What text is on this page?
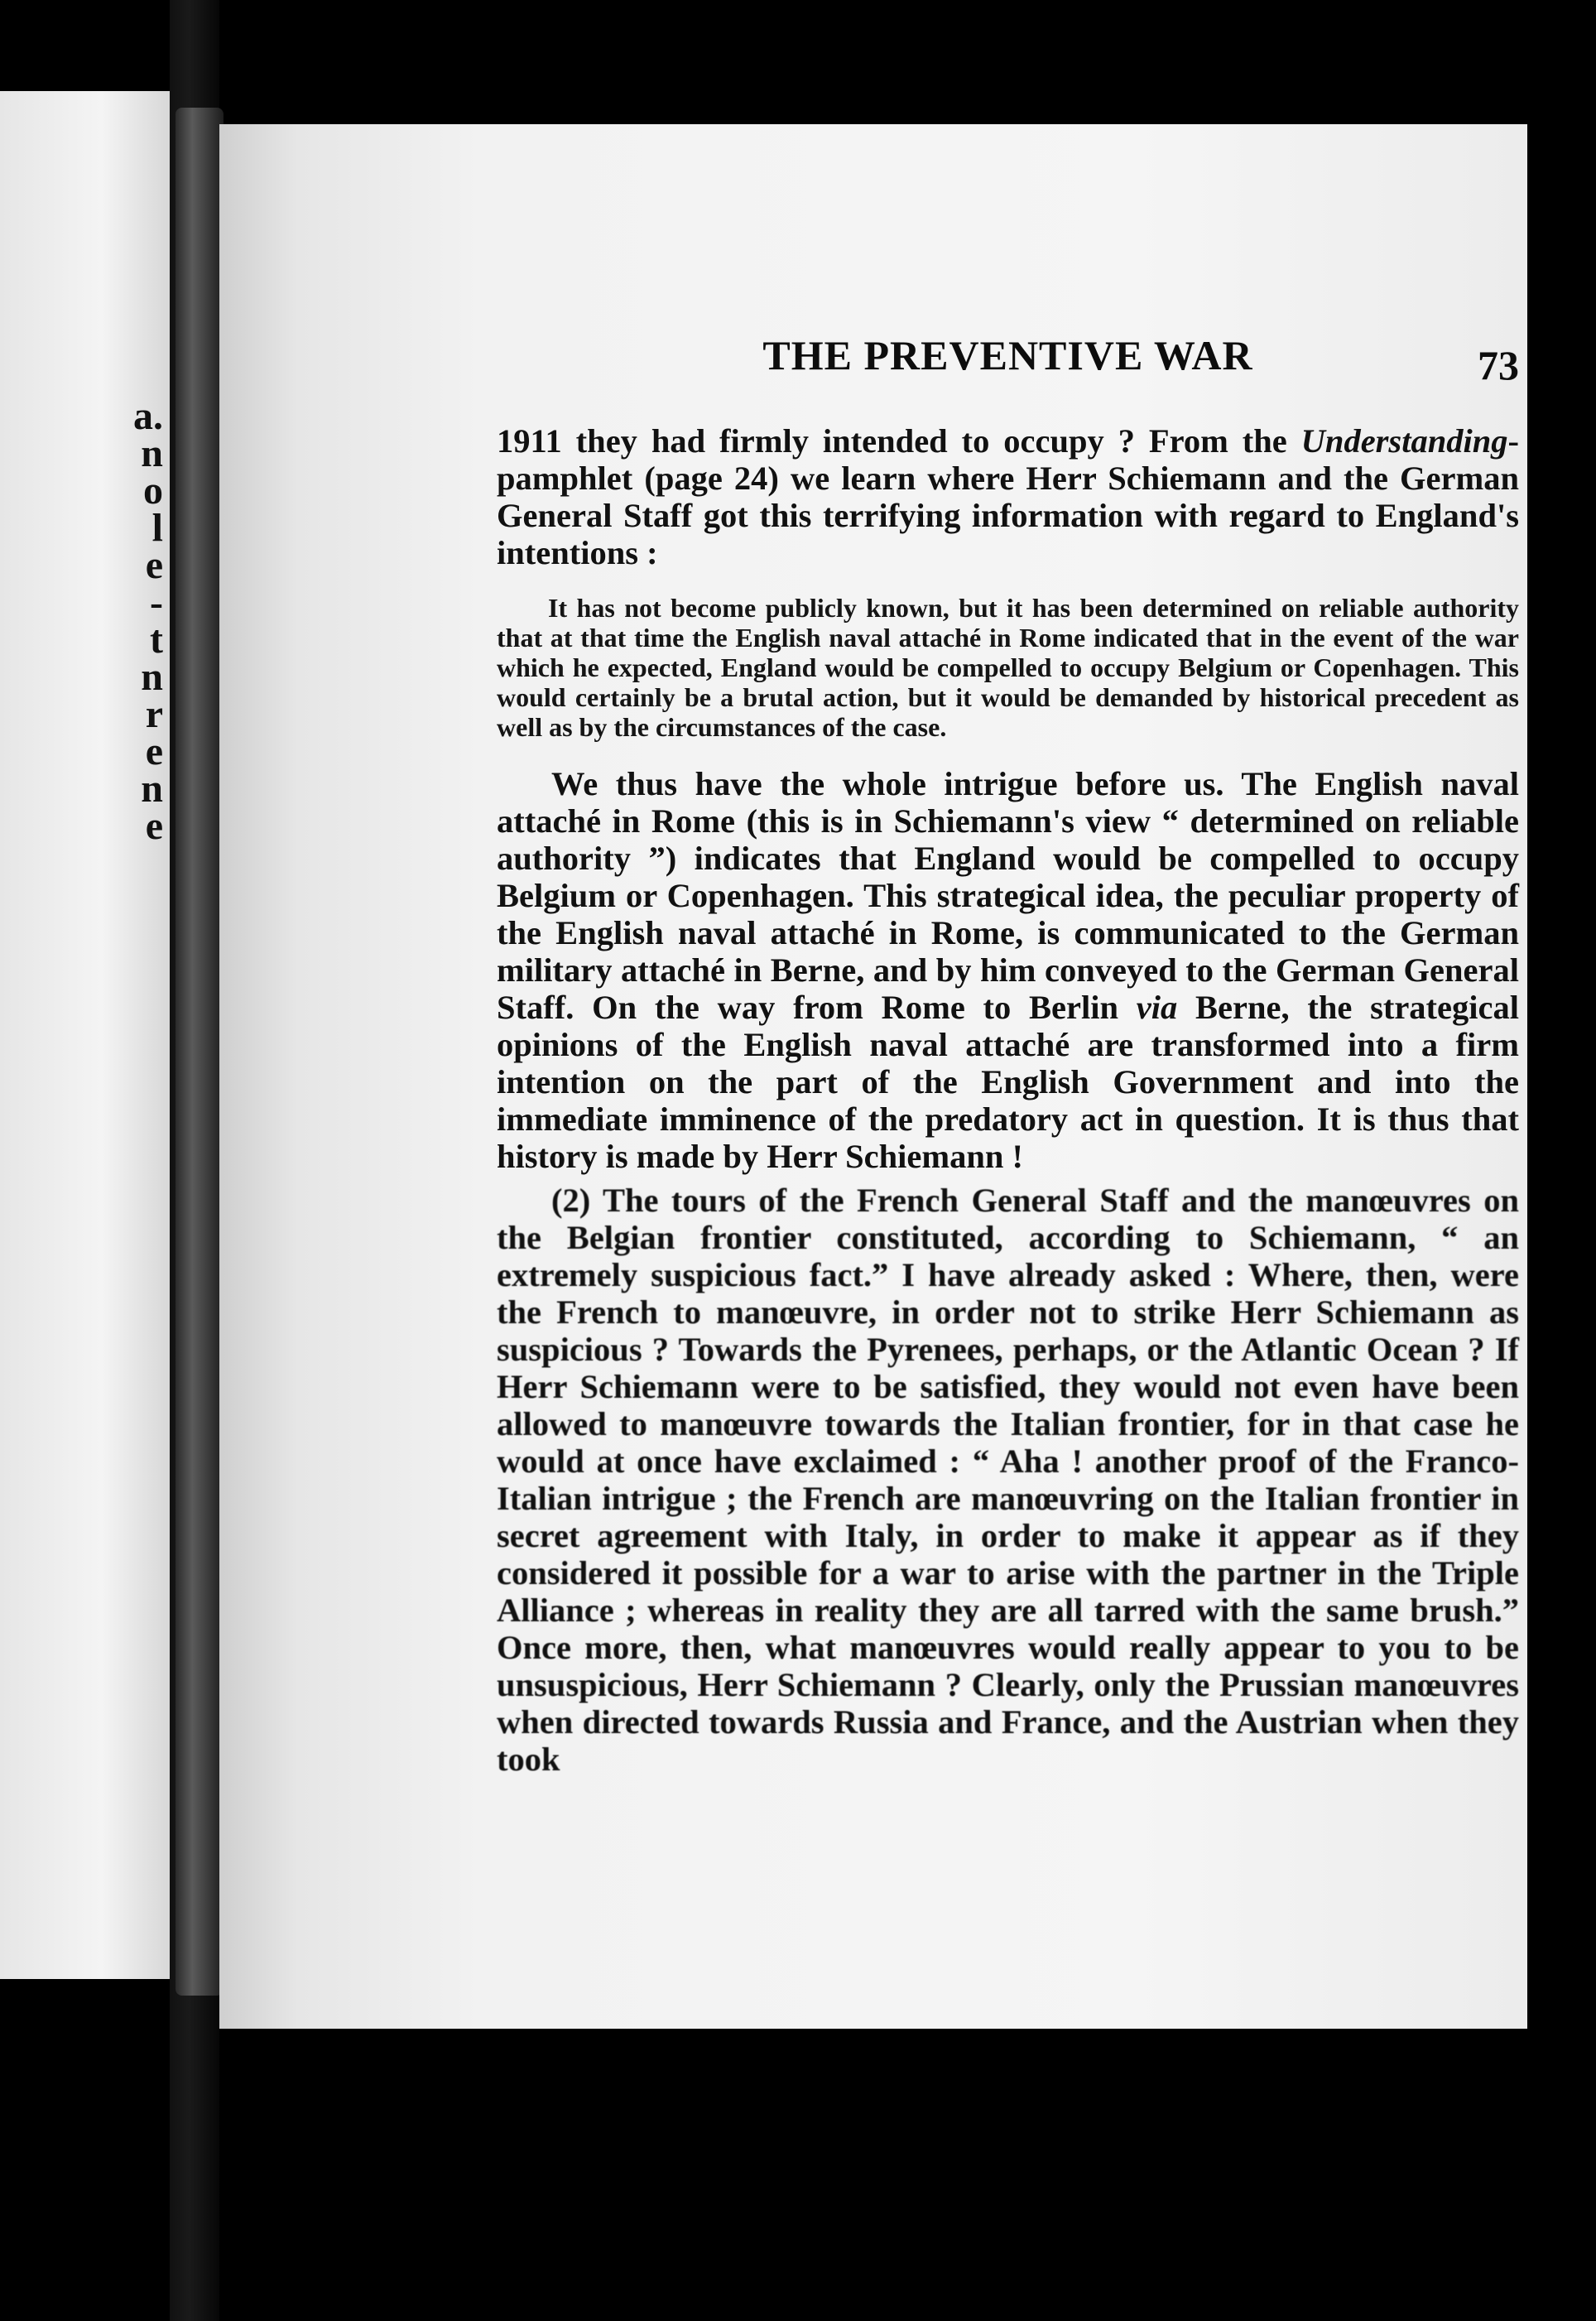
a.
n
o
l
e
-
t
n
r
e
n
e
THE PREVENTIVE WAR	73

1911 they had firmly intended to occupy ? From the Understanding-pamphlet (page 24) we learn where Herr Schiemann and the German General Staff got this terrifying information with regard to England's intentions :

It has not become publicly known, but it has been determined on reliable authority that at that time the English naval attaché in Rome indicated that in the event of the war which he expected, England would be compelled to occupy Belgium or Copenhagen. This would certainly be a brutal action, but it would be demanded by historical precedent as well as by the circumstances of the case.

We thus have the whole intrigue before us. The English naval attaché in Rome (this is in Schiemann's view “ determined on reliable authority ”) indicates that England would be compelled to occupy Belgium or Copenhagen. This strategical idea, the peculiar property of the English naval attaché in Rome, is communicated to the German military attaché in Berne, and by him conveyed to the German General Staff. On the way from Rome to Berlin via Berne, the strategical opinions of the English naval attaché are transformed into a firm intention on the part of the English Government and into the immediate imminence of the predatory act in question. It is thus that history is made by Herr Schiemann !

(2) The tours of the French General Staff and the manœuvres on the Belgian frontier constituted, according to Schiemann, “ an extremely suspicious fact.” I have already asked : Where, then, were the French to manœuvre, in order not to strike Herr Schiemann as suspicious ? Towards the Pyrenees, perhaps, or the Atlantic Ocean ? If Herr Schiemann were to be satisfied, they would not even have been allowed to manœuvre towards the Italian frontier, for in that case he would at once have exclaimed : “ Aha ! another proof of the Franco-Italian intrigue ; the French are manœuvring on the Italian frontier in secret agreement with Italy, in order to make it appear as if they considered it possible for a war to arise with the partner in the Triple Alliance ; whereas in reality they are all tarred with the same brush.” Once more, then, what manœuvres would really appear to you to be unsuspicious, Herr Schiemann ? Clearly, only the Prussian manœuvres when directed towards Russia and France, and the Austrian when they took
